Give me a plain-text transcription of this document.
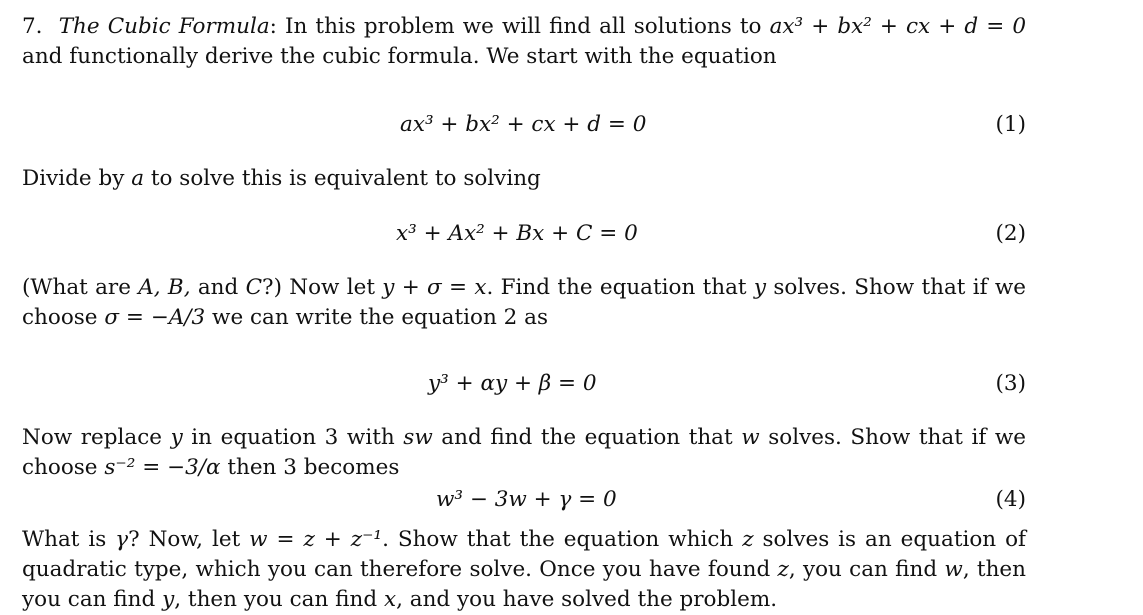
7. The Cubic Formula: In this problem we will find all solutions to ax³ + bx² + cx + d = 0 and functionally derive the cubic formula. We start with the equation

ax³ + bx² + cx + d = 0	(1)

Divide by a to solve this is equivalent to solving

x³ + Ax² + Bx + C = 0	(2)

(What are A, B, and C?) Now let y + σ = x. Find the equation that y solves. Show that if we choose σ = −A/3 we can write the equation 2 as

y³ + αy + β = 0	(3)

Now replace y in equation 3 with sw and find the equation that w solves. Show that if we choose s⁻² = −3/α then 3 becomes

w³ − 3w + γ = 0	(4)

What is γ? Now, let w = z + z⁻¹. Show that the equation which z solves is an equation of quadratic type, which you can therefore solve. Once you have found z, you can find w, then you can find y, then you can find x, and you have solved the problem.
